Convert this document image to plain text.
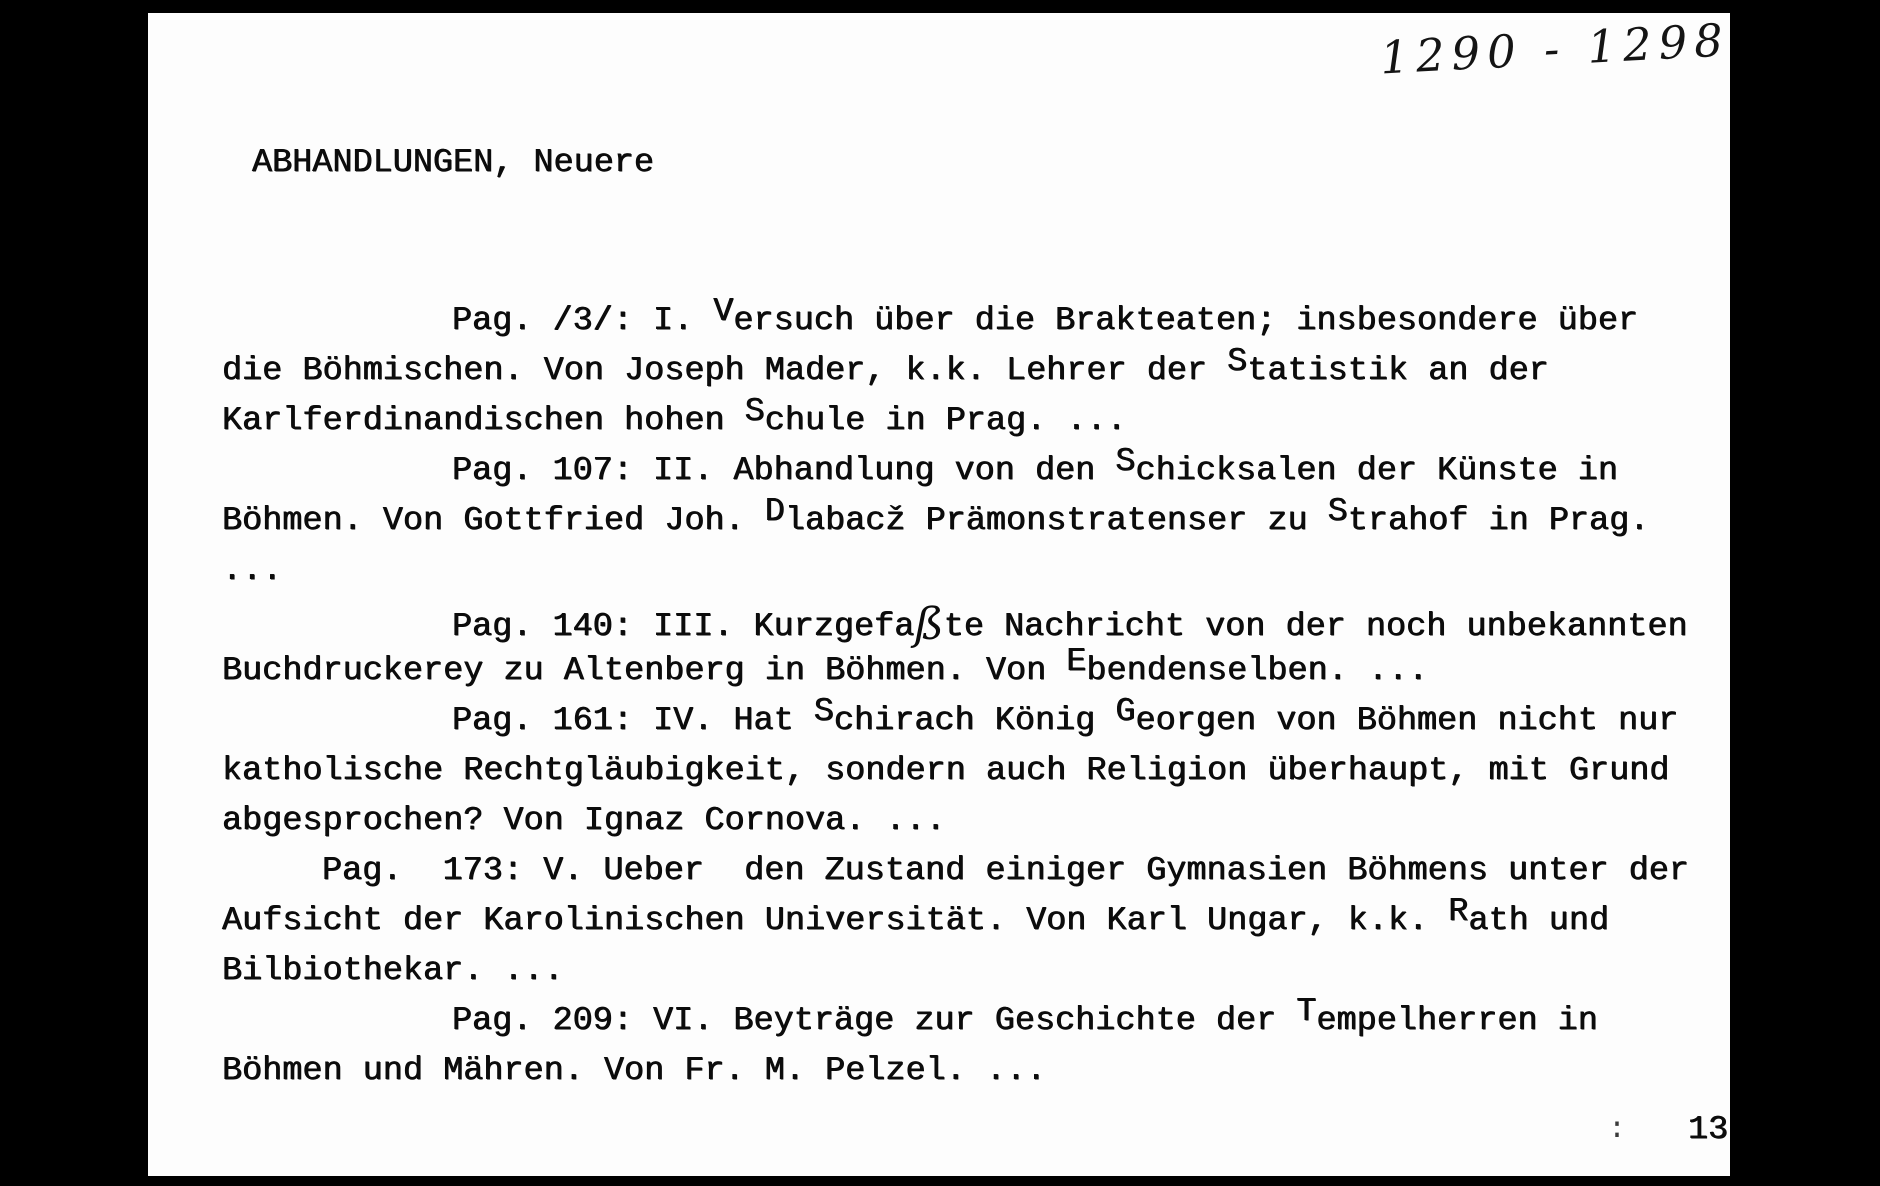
1290 - 1298
ABHANDLUNGEN, Neuere
Pag. /3/: I. Versuch über die Brakteaten; insbesondere über
die Böhmischen. Von Joseph Mader, k.k. Lehrer der Statistik an der
Karlferdinandischen hohen Schule in Prag. ...
Pag. 107: II. Abhandlung von den Schicksalen der Künste in
Böhmen. Von Gottfried Joh. Dlabacž Prämonstratenser zu Strahof in Prag.
...
Pag. 140: III. Kurzgefaßte Nachricht von der noch unbekannten
Buchdruckerey zu Altenberg in Böhmen. Von Ebendenselben. ...
Pag. 161: IV. Hat Schirach König Georgen von Böhmen nicht nur
katholische Rechtgläubigkeit, sondern auch Religion überhaupt, mit Grund
abgesprochen? Von Ignaz Cornova. ...
Pag.  173: V. Ueber  den Zustand einiger Gymnasien Böhmens unter der
Aufsicht der Karolinischen Universität. Von Karl Ungar, k.k. Rath und
Bilbiothekar. ...
Pag. 209: VI. Beyträge zur Geschichte der Tempelherren in
Böhmen und Mähren. Von Fr. M. Pelzel. ...
: 13
